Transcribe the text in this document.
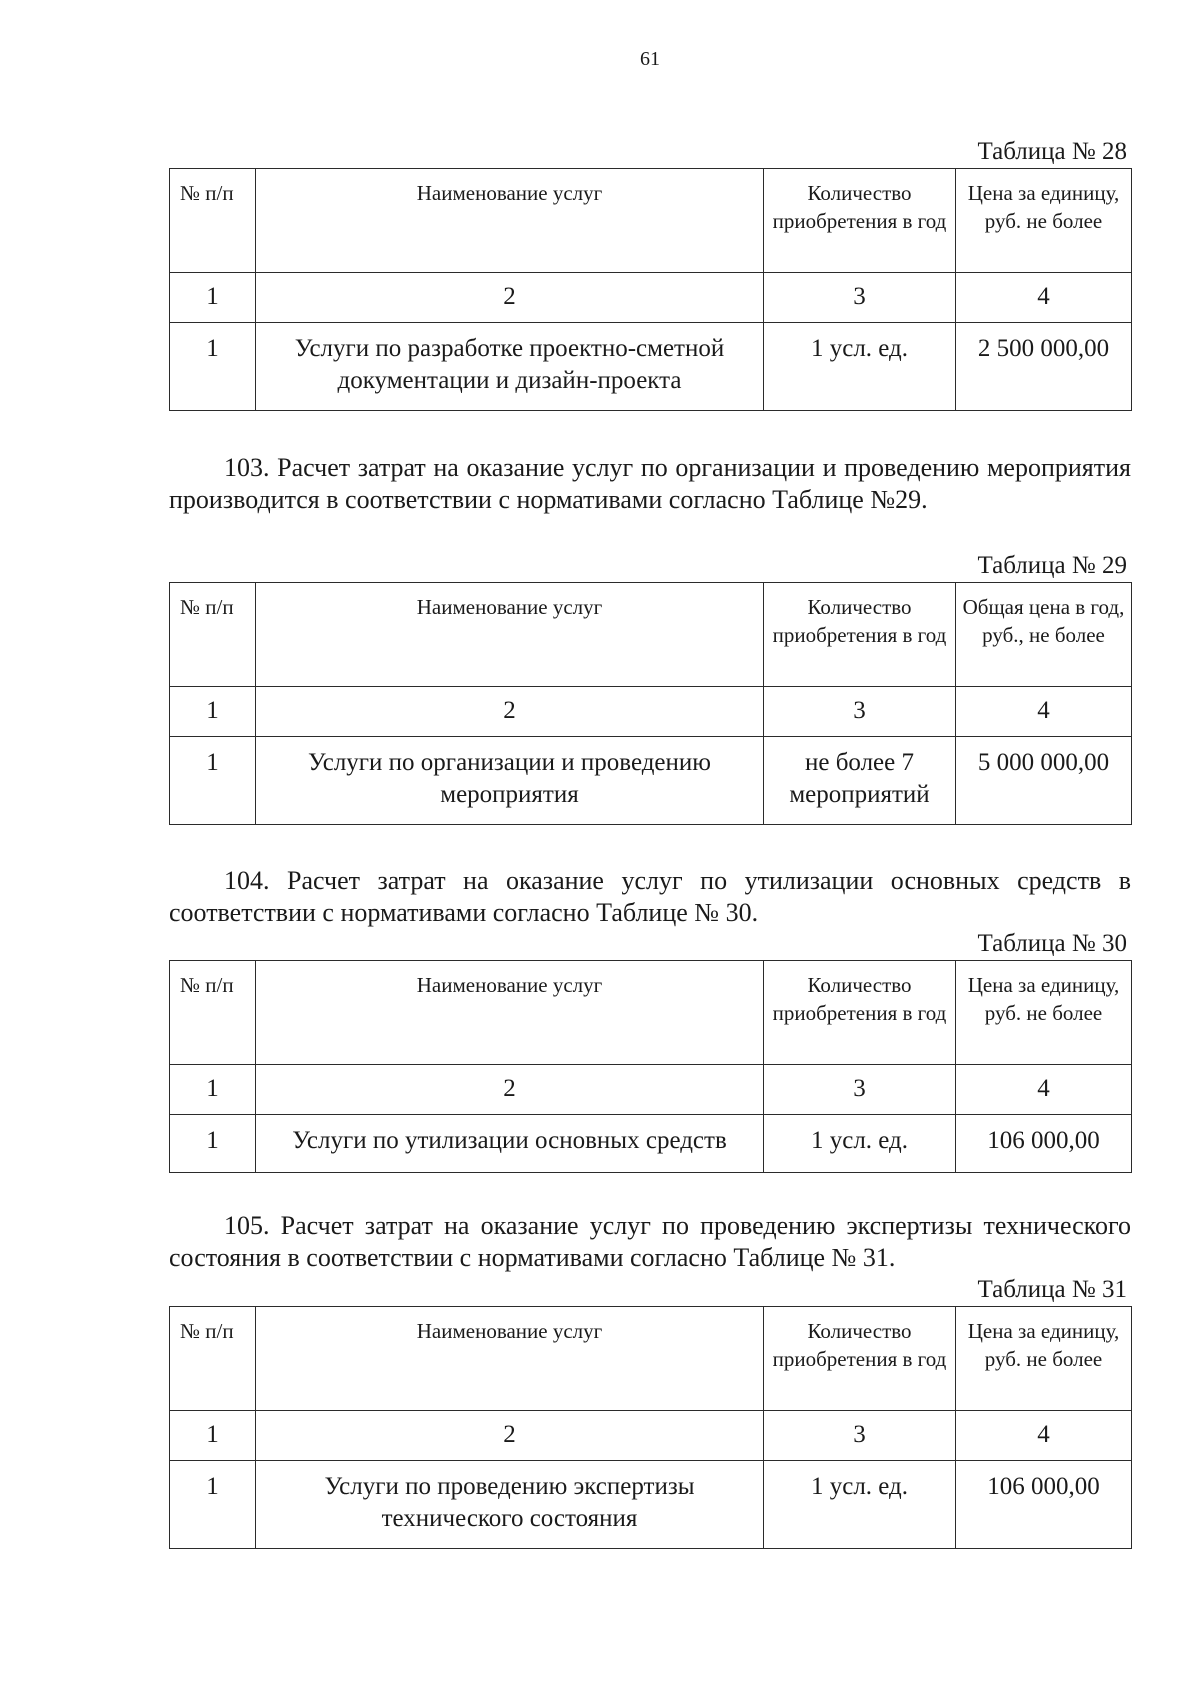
61
Таблица № 28
№ п/п	Наименование услуг	Количество приобретения в год	Цена за единицу, руб. не более
1	2	3	4
1	Услуги по разработке проектно-сметной документации и дизайн-проекта	1 усл. ед.	2 500 000,00
103. Расчет затрат на оказание услуг по организации и проведению мероприятия производится в соответствии с нормативами согласно Таблице №29.
Таблица № 29
№ п/п	Наименование услуг	Количество приобретения в год	Общая цена в год, руб., не более
1	2	3	4
1	Услуги по организации и проведению мероприятия	не более 7 мероприятий	5 000 000,00
104. Расчет затрат на оказание услуг по утилизации основных средств в соответствии с нормативами согласно Таблице № 30.
Таблица № 30
№ п/п	Наименование услуг	Количество приобретения в год	Цена за единицу, руб. не более
1	2	3	4
1	Услуги по утилизации основных средств	1 усл. ед.	106 000,00
105. Расчет затрат на оказание услуг по проведению экспертизы технического состояния в соответствии с нормативами согласно Таблице № 31.
Таблица № 31
№ п/п	Наименование услуг	Количество приобретения в год	Цена за единицу, руб. не более
1	2	3	4
1	Услуги по проведению экспертизы технического состояния	1 усл. ед.	106 000,00
